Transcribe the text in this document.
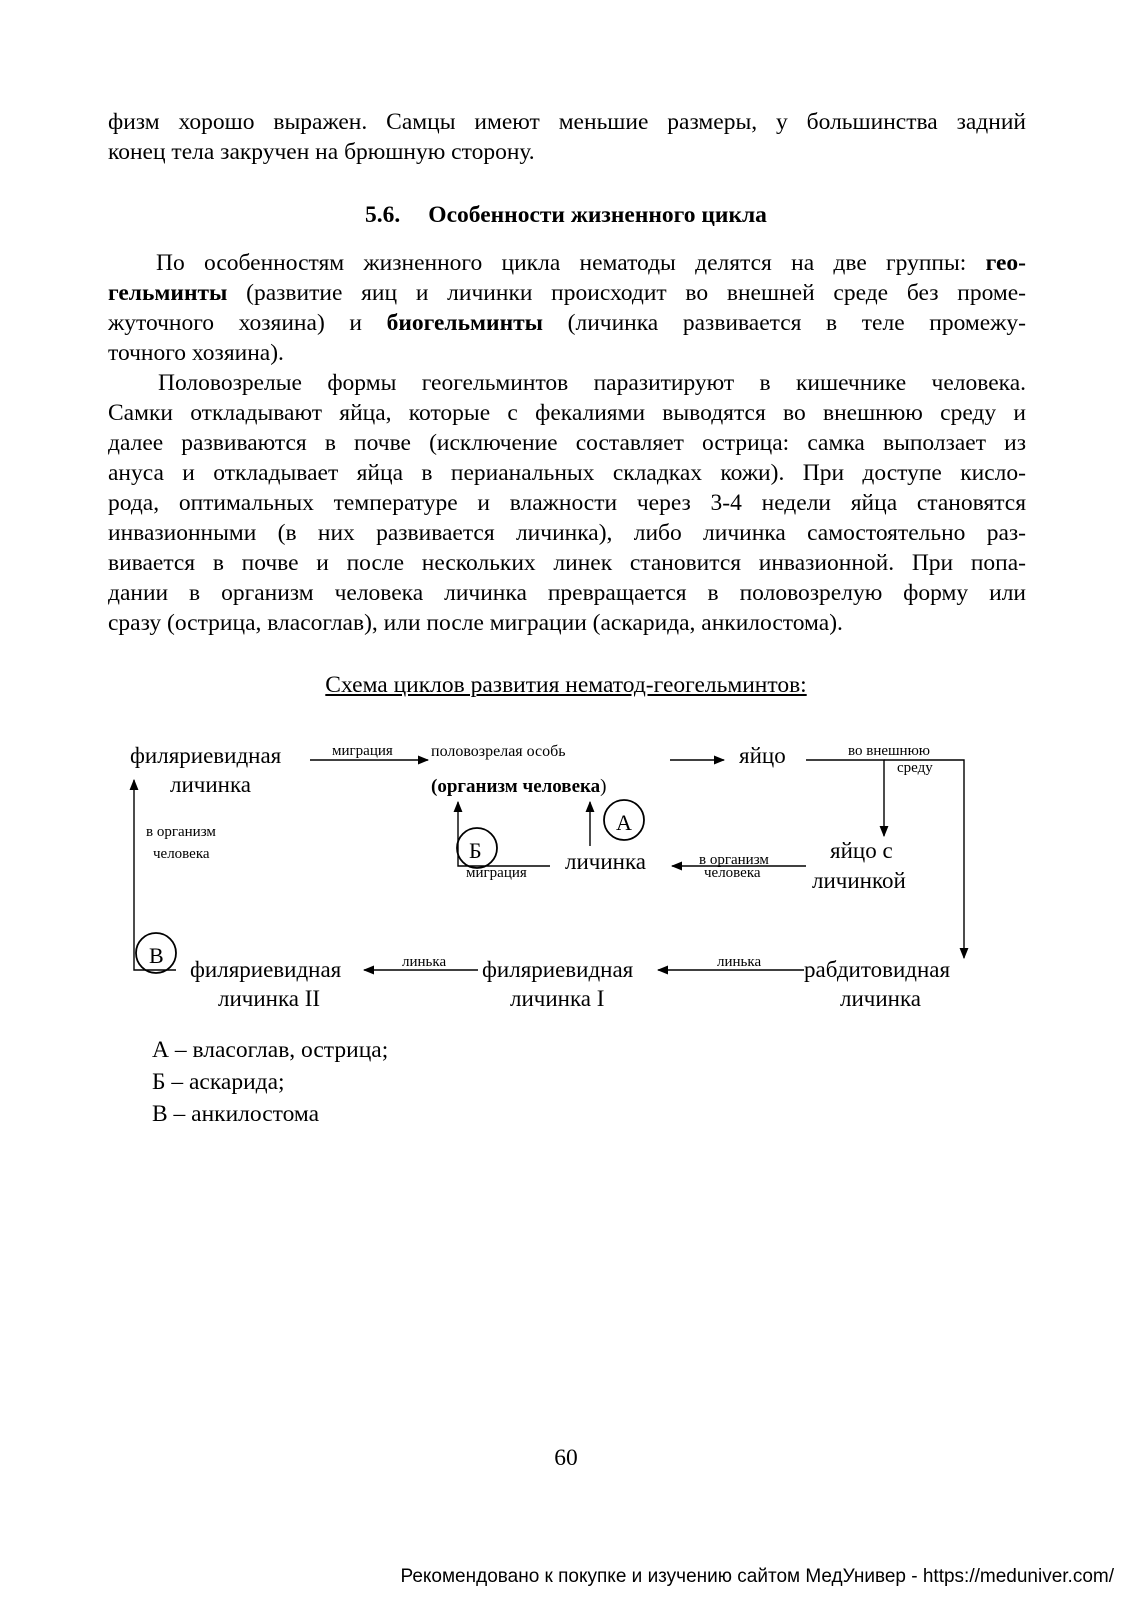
физм хорошо выражен. Самцы имеют меньшие размеры, у большинства задний
конец тела закручен на брюшную сторону.
5.6. Особенности жизненного цикла
По особенностям жизненного цикла нематоды делятся на две группы: гео-
гельминты (развитие яиц и личинки происходит во внешней среде без проме-
жуточного хозяина) и биогельминты (личинка развивается в теле промежу-
точного хозяина).
Половозрелые формы геогельминтов паразитируют в кишечнике человека.
Самки откладывают яйца, которые с фекалиями выводятся во внешнюю среду и
далее развиваются в почве (исключение составляет острица: самка выползает из
ануса и откладывает яйца в перианальных складках кожи). При доступе кисло-
рода, оптимальных температуре и влажности через 3-4 недели яйца становятся
инвазионными (в них развивается личинка), либо личинка самостоятельно раз-
вивается в почве и после нескольких линек становится инвазионной. При попа-
дании в организм человека личинка превращается в половозрелую форму или
сразу (острица, власоглав), или после миграции (аскарида, анкилостома).
Схема циклов развития нематод-геогельминтов:
филяриевидная
личинка
половозрелая особь
(организм человека)
яйцо
личинка	яйцо с
личинкой
филяриевидная
личинка II
филяриевидная
личинка I
рабдитовидная
личинка
миграция	во внешнюю
среду
в организм
человека
А
миграция
Б
линька
линька
в организм
человека
В
А – власоглав, острица;
Б – аскарида;
В – анкилостома
60
Рекомендовано к покупке и изучению сайтом МедУнивер - https://meduniver.com/
